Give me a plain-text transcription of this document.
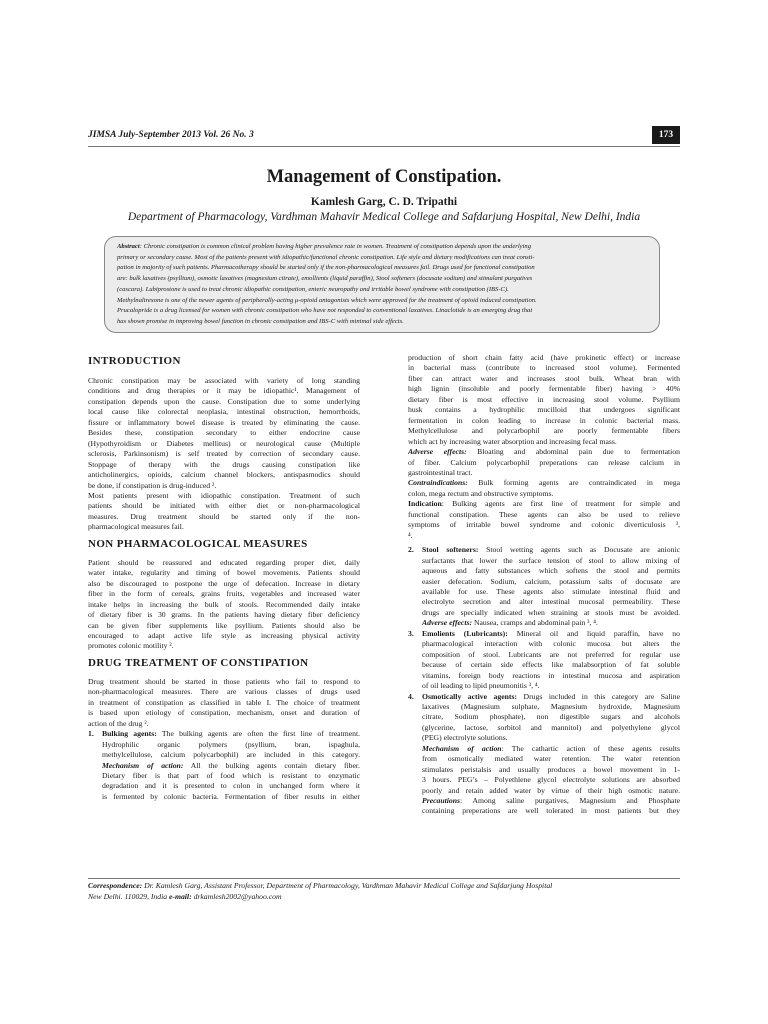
JIMSA July-September 2013 Vol. 26 No. 3	173
Management of Constipation.
Kamlesh Garg, C. D. Tripathi
Department of Pharmacology, Vardhman Mahavir Medical College and Safdarjung Hospital, New Delhi, India
Abstract: Chronic constipation is common clinical problem having higher prevalence rate in women. Treatment of constipation depends upon the underlying
primary or secondary cause. Most of the patients present with idiopathic/functional chronic constipation. Life style and dietary modifications can treat consti-
pation in majority of such patients. Pharmacotherapy should be started only if the non-pharmacological measures fail. Drugs used for functional constipation
are: bulk laxatives (psyllium), osmotic laxatives (magnesium citrate), emollients (liquid paraffin), Stool softeners (docusate sodium) and stimulant purgatives
(cascara). Lubiprostone is used to treat chronic idiopathic constipation, enteric neuropathy and irritable bowel syndrome with constipation (IBS-C).
Methylnaltrexone is one of the newer agents of peripherally-acting μ-opioid antagonists which were approved for the treatment of opioid induced constipation.
Prucalopride is a drug licensed for women with chronic constipation who have not responded to conventional laxatives. Linaclotide is an emerging drug that
has shown promise in improving bowel function in chronic constipation and IBS-C with minimal side effects.
INTRODUCTION
Chronic constipation may be associated with variety of long standing
conditions and drug therapies or it may be idiopathic¹. Management of
constipation depends upon the cause. Constipation due to some underlying
local cause like colorectal neoplasia, intestinal obstruction, hemorrhoids,
fissure or inflammatory bowel disease is treated by eliminating the cause.
Besides these, constipation secondary to either endocrine cause
(Hypothyroidism or Diabetes mellitus) or neurological cause (Multiple
sclerosis, Parkinsonism) is self treated by correction of secondary cause.
Stoppage of therapy with the drugs causing constipation like
anticholinergics, opioids, calcium channel blockers, antispasmodics should
be done, if constipation is drug-induced ².
Most patients present with idiopathic constipation. Treatment of such
patients should be initiated with either diet or non-pharmacological
measures. Drug treatment should be started only if the non-
pharmacological measures fail.
NON PHARMACOLOGICAL MEASURES
Patient should be reassured and educated regarding proper diet, daily
water intake, regularity and timing of bowel movements. Patients should
also be discouraged to postpone the urge of defecation. Increase in dietary
fiber in the form of cereals, grains fruits, vegetables and increased water
intake helps in increasing the bulk of stools. Recommended daily intake
of dietary fiber is 30 grams. In the patients having dietary fiber deficiency
can be given fiber supplements like psyllium. Patients should also be
encouraged to adapt active life style as increasing physical activity
promotes colonic motility ².
DRUG TREATMENT OF CONSTIPATION
Drug treatment should be started in those patients who fail to respond to
non-pharmacological measures. There are various classes of drugs used
in treatment of constipation as classified in table I. The choice of treatment
is based upon etiology of constipation, mechanism, onset and duration of
action of the drug ².
1. Bulking agents: The bulking agents are often the first line of treatment.
Hydrophilic organic polymers (psyllium, bran, ispaghula,
methylcellulose, calcium polycarbophil) are included in this category.
Mechanism of action: All the bulking agents contain dietary fiber.
Dietary fiber is that part of food which is resistant to enzymatic
degradation and it is presented to colon in unchanged form where it
is fermented by colonic bacteria. Fermentation of fiber results in either
production of short chain fatty acid (have prokinetic effect) or increase
in bacterial mass (contribute to increased stool volume). Fermented
fiber can attract water and increases stool bulk. Wheat bran with
high lignin (insoluble and poorly fermentable fiber) having > 40%
dietary fiber is most effective in increasing stool volume. Psyllium
husk contains a hydrophilic mucilloid that undergoes significant
fermentation in colon leading to increase in colonic bacterial mass.
Methylcellulose and polycarbophil are poorly fermentable fibers
which act by increasing water absorption and increasing fecal mass.
Adverse effects: Bloating and abdominal pain due to fermentation
of fiber. Calcium polycarbophil preperations can release calcium in
gastrointestinal tract.
Contraindications: Bulk forming agents are contraindicated in mega
colon, mega rectum and obstructive symptoms.
Indication: Bulking agents are first line of treatment for simple and
functional constipation. These agents can also be used to relieve
symptoms of irritable bowel syndrome and colonic diverticulosis ³,
⁴.
2. Stool softeners: Stool wetting agents such as Docusate are anionic
surfactants that lower the surface tension of stool to allow mixing of
aqueous and fatty substances which softens the stool and permits
easier defecation. Sodium, calcium, potassium salts of docusate are
available for use. These agents also stimulate intestinal fluid and
electrolyte secretion and alter intestinal mucosal permeability. These
drugs are specially indicated when straining at stools must be avoided.
Adverse effects: Nausea, cramps and abdominal pain ³, ⁴.
3. Emolients (Lubricants): Mineral oil and liquid paraffin, have no
pharmacological interaction with colonic mucosa but alters the
composition of stool. Lubricants are not preferred for regular use
because of certain side effects like malabsorption of fat soluble
vitamins, foreign body reactions in intestinal mucosa and aspiration
of oil leading to lipid pneumonitis ³, ⁴.
4. Osmotically active agents: Drugs included in this category are Saline
laxatives (Magnesium sulphate, Magnesium hydroxide, Magnesium
citrate, Sodium phosphate), non digestible sugars and alcohols
(glycerine, lactose, sorbitol and mannitol) and polyethylene glycol
(PEG) electrolyte solutions.
Mechanism of action: The cathartic action of these agents results
from osmotically mediated water retention. The water retention
stimulates peristalsis and usually produces a bowel movement in 1-
3 hours. PEG’s – Polyethlene glycol electrolyte solutions are absorbed
poorly and retain added water by virtue of their high osmotic nature.
Precautions: Among saline purgatives, Magnesium and Phosphate
containing preperations are well tolerated in most patients but they
Correspondence: Dr. Kamlesh Garg, Assistant Professor, Department of Pharmacology, Vardhman Mahavir Medical College and Safdarjung Hospital
New Delhi. 110029, India e-mail: drkamlesh2002@yahoo.com
